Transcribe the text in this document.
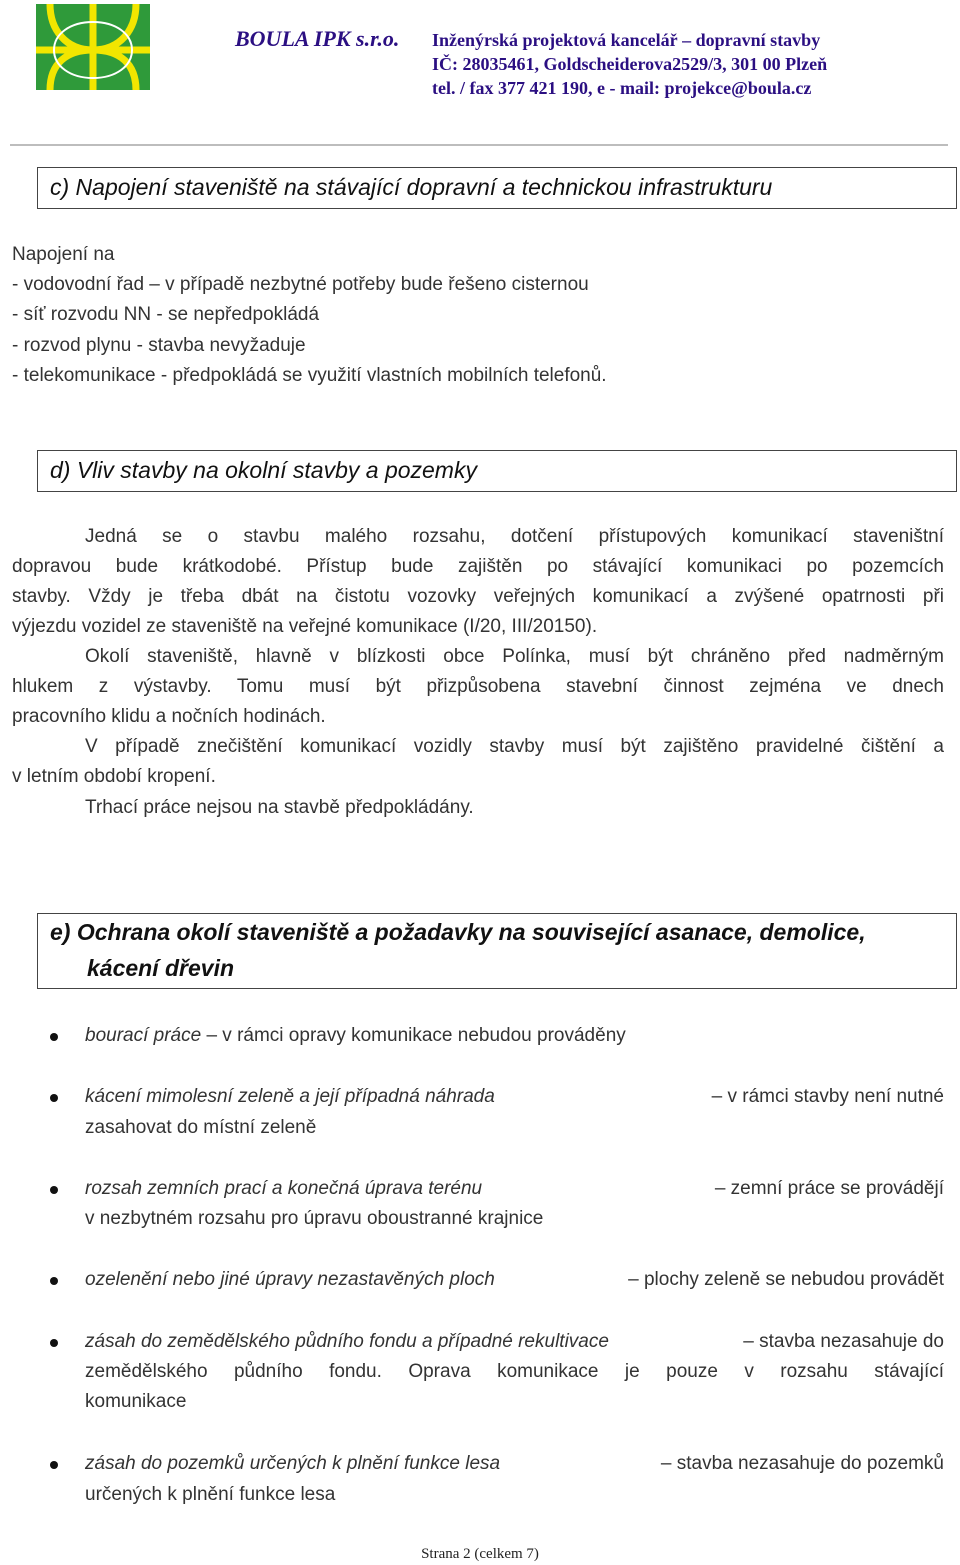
BOULA IPK s.r.o. Inženýrská projektová kancelář – dopravní stavby
IČ: 28035461, Goldscheiderova2529/3, 301 00 Plzeň
tel. / fax 377 421 190, e - mail: projekce@boula.cz
c) Napojení staveniště na stávající dopravní a technickou infrastrukturu
Napojení na
- vodovodní řad – v případě nezbytné potřeby bude řešeno cisternou
- síť rozvodu NN - se nepředpokládá
- rozvod plynu - stavba nevyžaduje
- telekomunikace - předpokládá se využití vlastních mobilních telefonů.
d) Vliv stavby na okolní stavby a pozemky
Jedná se o stavbu malého rozsahu, dotčení přístupových komunikací staveništní
dopravou bude krátkodobé. Přístup bude zajištěn po stávající komunikaci po pozemcích
stavby. Vždy je třeba dbát na čistotu vozovky veřejných komunikací a zvýšené opatrnosti při
výjezdu vozidel ze staveniště na veřejné komunikace (I/20, III/20150).
Okolí staveniště, hlavně v blízkosti obce Polínka, musí být chráněno před nadměrným
hlukem z výstavby. Tomu musí být přizpůsobena stavební činnost zejména ve dnech
pracovního klidu a nočních hodinách.
V případě znečištění komunikací vozidly stavby musí být zajištěno pravidelné čištění a
v letním období kropení.
Trhací práce nejsou na stavbě předpokládány.
e) Ochrana okolí staveniště a požadavky na související asanace, demolice,
kácení dřevin
bourací práce – v rámci opravy komunikace nebudou prováděny
kácení mimolesní zeleně a její případná náhrada	– v rámci stavby není nutné
zasahovat do místní zeleně
rozsah zemních prací a konečná úprava terénu	– zemní práce se provádějí
v nezbytném rozsahu pro úpravu oboustranné krajnice
ozelenění nebo jiné úpravy nezastavěných ploch	– plochy zeleně se nebudou provádět
zásah do zemědělského půdního fondu a případné rekultivace	– stavba nezasahuje do
zemědělského půdního fondu. Oprava komunikace je pouze v rozsahu stávající
komunikace
zásah do pozemků určených k plnění funkce lesa	– stavba nezasahuje do pozemků
určených k plnění funkce lesa
Strana 2 (celkem 7)
